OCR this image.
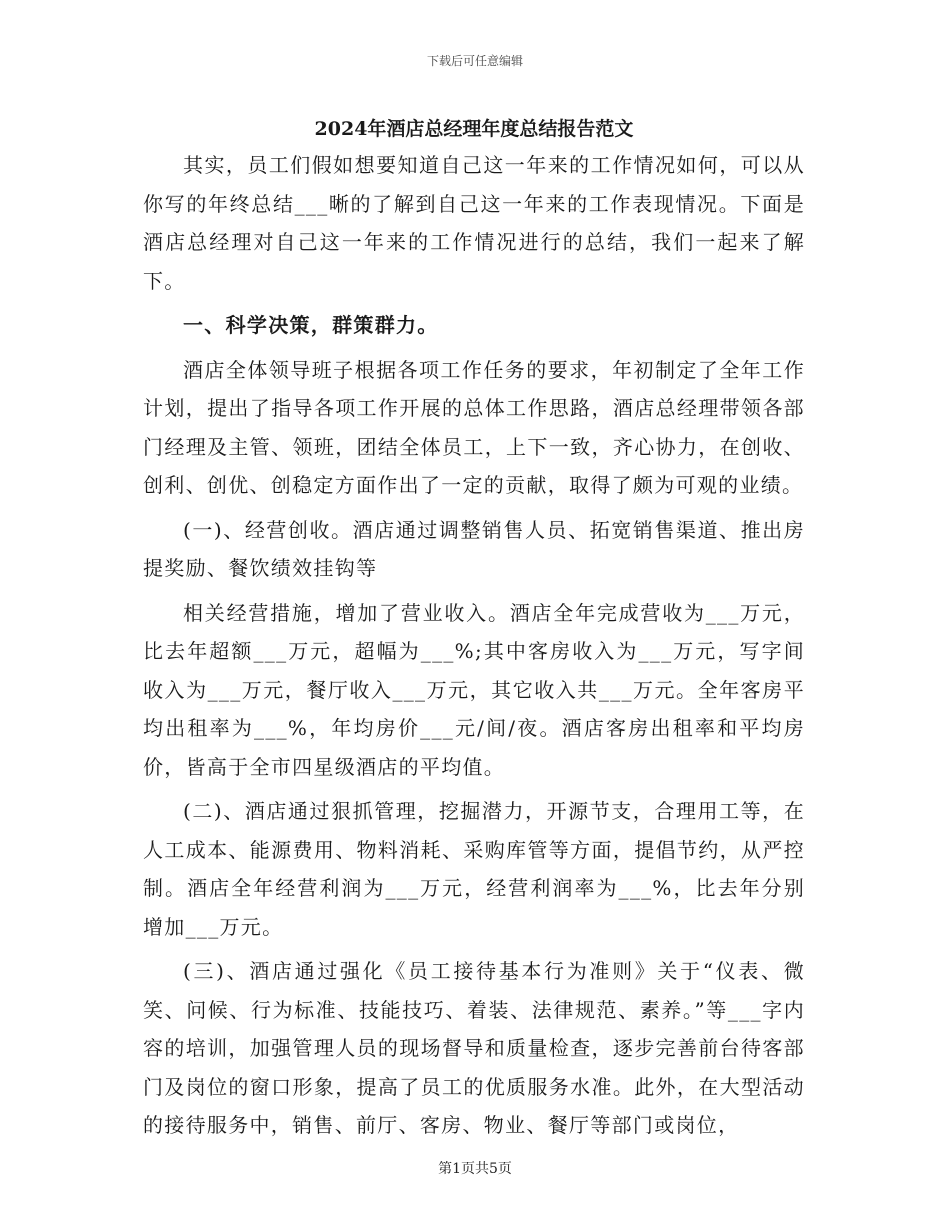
下载后可任意编辑
2024年酒店总经理年度总结报告范文

其实，员工们假如想要知道自己这一年来的工作情况如何，可以从你写的年终总结___晰的了解到自己这一年来的工作表现情况。下面是酒店总经理对自己这一年来的工作情况进行的总结，我们一起来了解下。

一、科学决策，群策群力。

酒店全体领导班子根据各项工作任务的要求，年初制定了全年工作计划，提出了指导各项工作开展的总体工作思路，酒店总经理带领各部门经理及主管、领班，团结全体员工，上下一致，齐心协力，在创收、创利、创优、创稳定方面作出了一定的贡献，取得了颇为可观的业绩。

(一)、经营创收。酒店通过调整销售人员、拓宽销售渠道、推出房提奖励、餐饮绩效挂钩等

相关经营措施，增加了营业收入。酒店全年完成营收为___万元，比去年超额___万元，超幅为___%;其中客房收入为___万元，写字间收入为___万元，餐厅收入___万元，其它收入共___万元。全年客房平均出租率为___%，年均房价___元/间/夜。酒店客房出租率和平均房价，皆高于全市四星级酒店的平均值。

(二)、酒店通过狠抓管理，挖掘潜力，开源节支，合理用工等，在人工成本、能源费用、物料消耗、采购库管等方面，提倡节约，从严控制。酒店全年经营利润为___万元，经营利润率为___%，比去年分别增加___万元。

(三)、酒店通过强化《员工接待基本行为准则》关于“仪表、微笑、问候、行为标准、技能技巧、着装、法律规范、素养。”等___字内容的培训，加强管理人员的现场督导和质量检查，逐步完善前台待客部门及岗位的窗口形象，提高了员工的优质服务水准。此外，在大型活动的接待服务中，销售、前厅、客房、物业、餐厅等部门或岗位，

第1页共5页
